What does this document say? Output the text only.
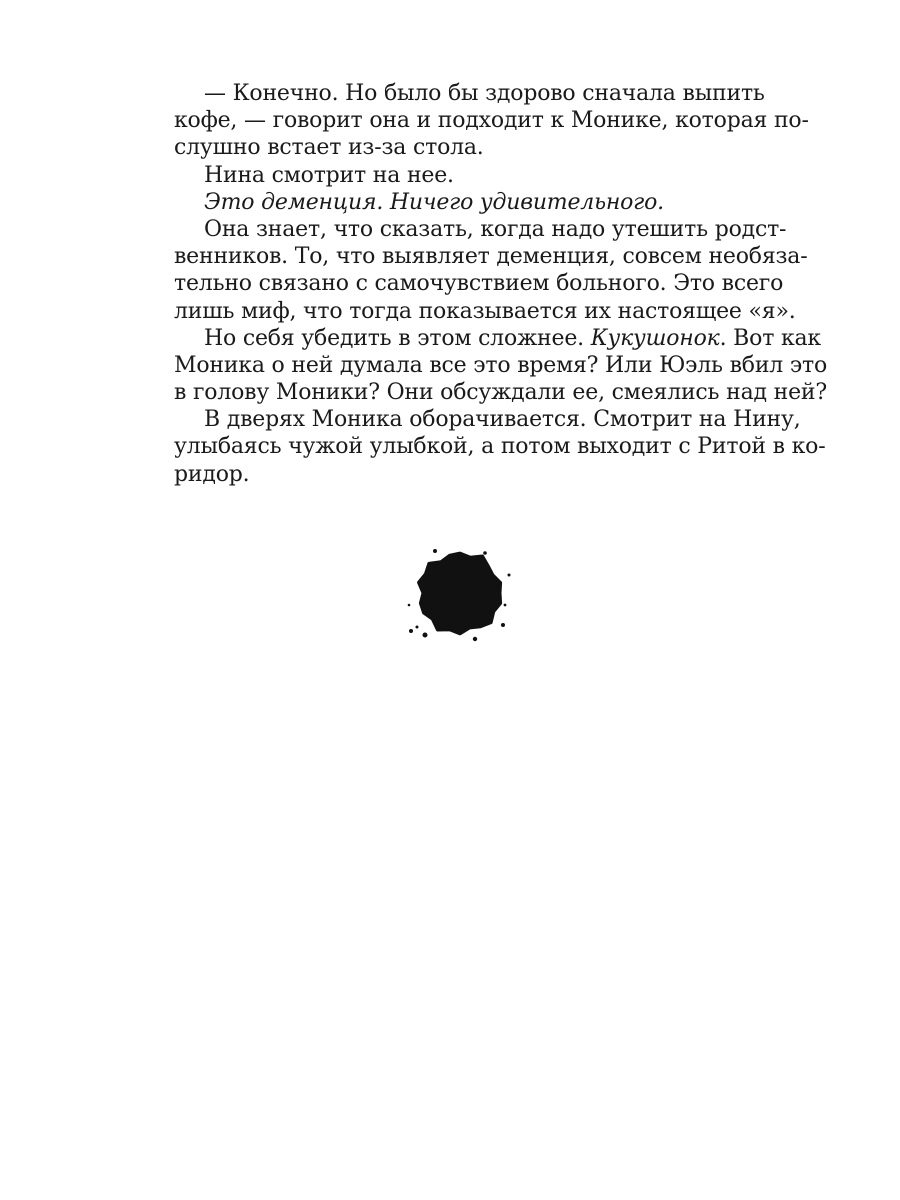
— Конечно. Но было бы здорово сначала выпить
кофе, — говорит она и подходит к Монике, которая по-
слушно встает из-за стола.
Нина смотрит на нее.
Это деменция. Ничего удивительного.
Она знает, что сказать, когда надо утешить родст-
венников. То, что выявляет деменция, совсем необяза-
тельно связано с самочувствием больного. Это всего
лишь миф, что тогда показывается их настоящее «я».
Но себя убедить в этом сложнее. Кукушонок. Вот как
Моника о ней думала все это время? Или Юэль вбил это
в голову Моники? Они обсуждали ее, смеялись над ней?
В дверях Моника оборачивается. Смотрит на Нину,
улыбаясь чужой улыбкой, а потом выходит с Ритой в ко-
ридор.
